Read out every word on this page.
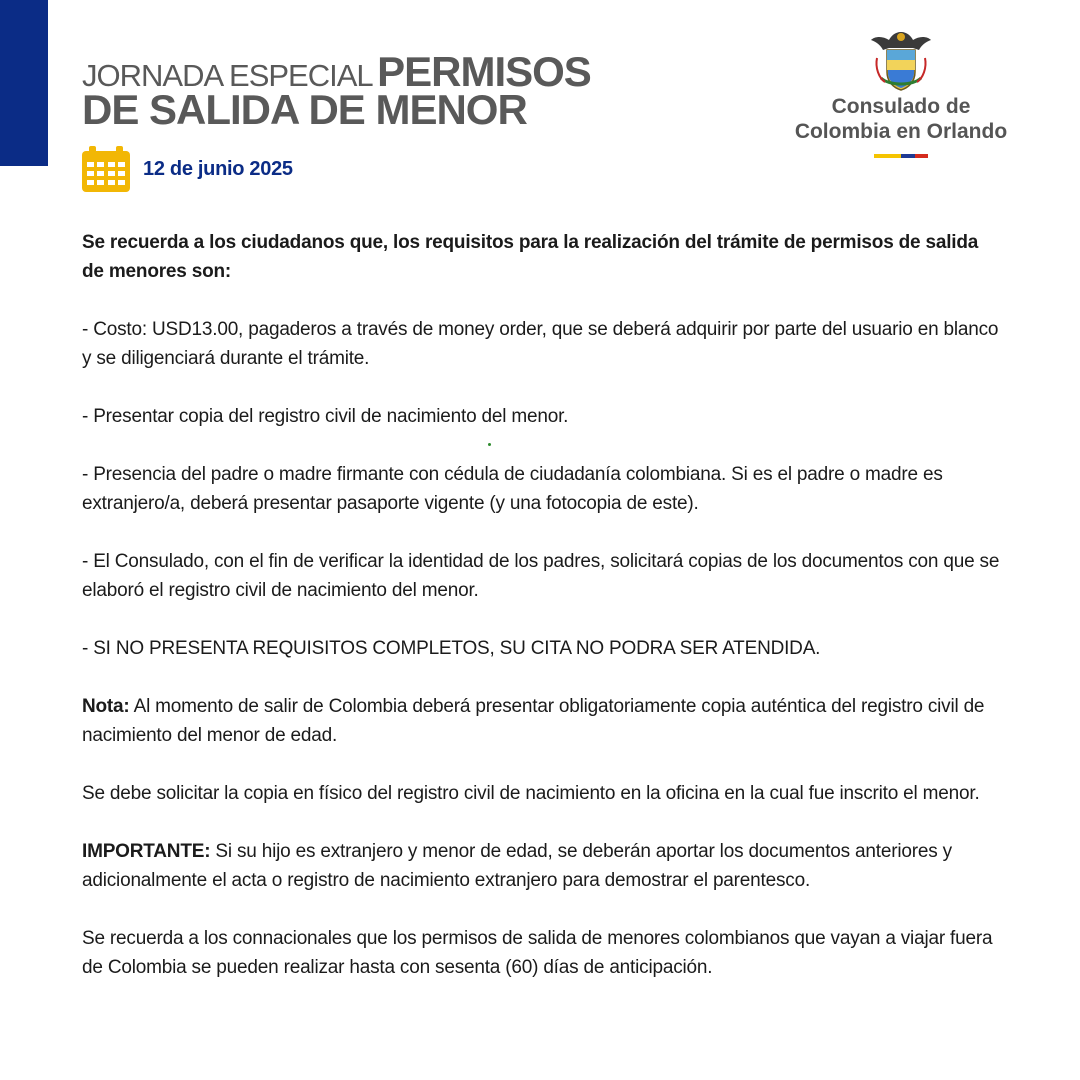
JORNADA ESPECIAL PERMISOS
DE SALIDA DE MENOR
12 de junio 2025
Consulado de
Colombia en Orlando

Se recuerda a los ciudadanos que, los requisitos para la realización del trámite de permisos de salida de menores son:

- Costo: USD13.00, pagaderos a través de money order, que se deberá adquirir por parte del usuario en blanco y se diligenciará durante el trámite.

- Presentar copia del registro civil de nacimiento del menor.

- Presencia del padre o madre firmante con cédula de ciudadanía colombiana. Si es el padre o madre es extranjero/a, deberá presentar pasaporte vigente (y una fotocopia de este).

- El Consulado, con el fin de verificar la identidad de los padres, solicitará copias de los documentos con que se elaboró el registro civil de nacimiento del menor.

- SI NO PRESENTA REQUISITOS COMPLETOS, SU CITA NO PODRA SER ATENDIDA.

Nota: Al momento de salir de Colombia deberá presentar obligatoriamente copia auténtica del registro civil de nacimiento del menor de edad.

Se debe solicitar la copia en físico del registro civil de nacimiento en la oficina en la cual fue inscrito el menor.

IMPORTANTE: Si su hijo es extranjero y menor de edad, se deberán aportar los documentos anteriores y adicionalmente el acta o registro de nacimiento extranjero para demostrar el parentesco.

Se recuerda a los connacionales que los permisos de salida de menores colombianos que vayan a viajar fuera de Colombia se pueden realizar hasta con sesenta (60) días de anticipación.
